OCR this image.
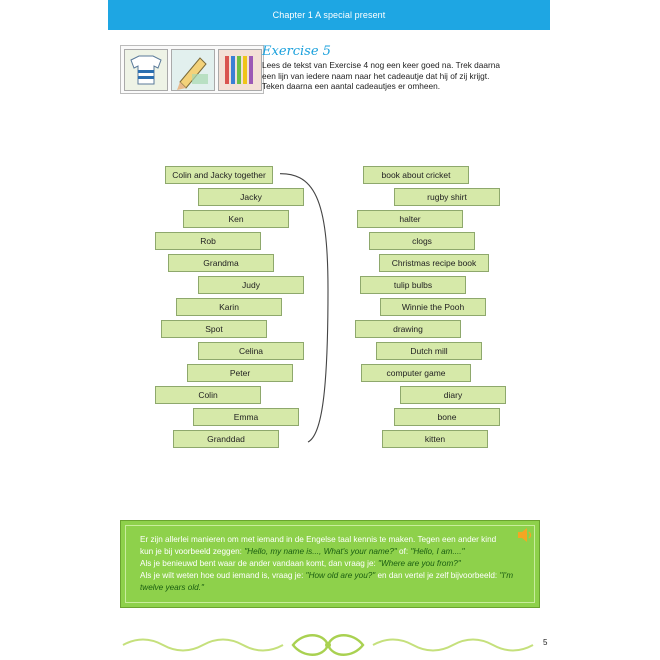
Chapter 1 A special present
Exercise 5
Lees de tekst van Exercise 4 nog een keer goed na. Trek daarna
een lijn van iedere naam naar het cadeautje dat hij of zij krijgt.
Teken daarna een aantal cadeautjes er omheen.
Colin and Jacky together
Jacky
Ken
Rob
Grandma
Judy
Karin
Spot
Celina
Peter
Colin
Emma
Granddad
book about cricket
rugby shirt
halter
clogs
Christmas recipe book
tulip bulbs
Winnie the Pooh
drawing
Dutch mill
computer game
diary
bone
kitten
Er zijn allerlei manieren om met iemand in de Engelse taal kennis te maken. Tegen een ander kind
kun je bij voorbeeld zeggen: "Hello, my name is..., What's your name?" of: "Hello, I am...."
Als je benieuwd bent waar de ander vandaan komt, dan vraag je: "Where are you from?"
Als je wilt weten hoe oud iemand is, vraag je: "How old are you?" en dan vertel je zelf bijvoorbeeld: "I'm
twelve years old."
5
